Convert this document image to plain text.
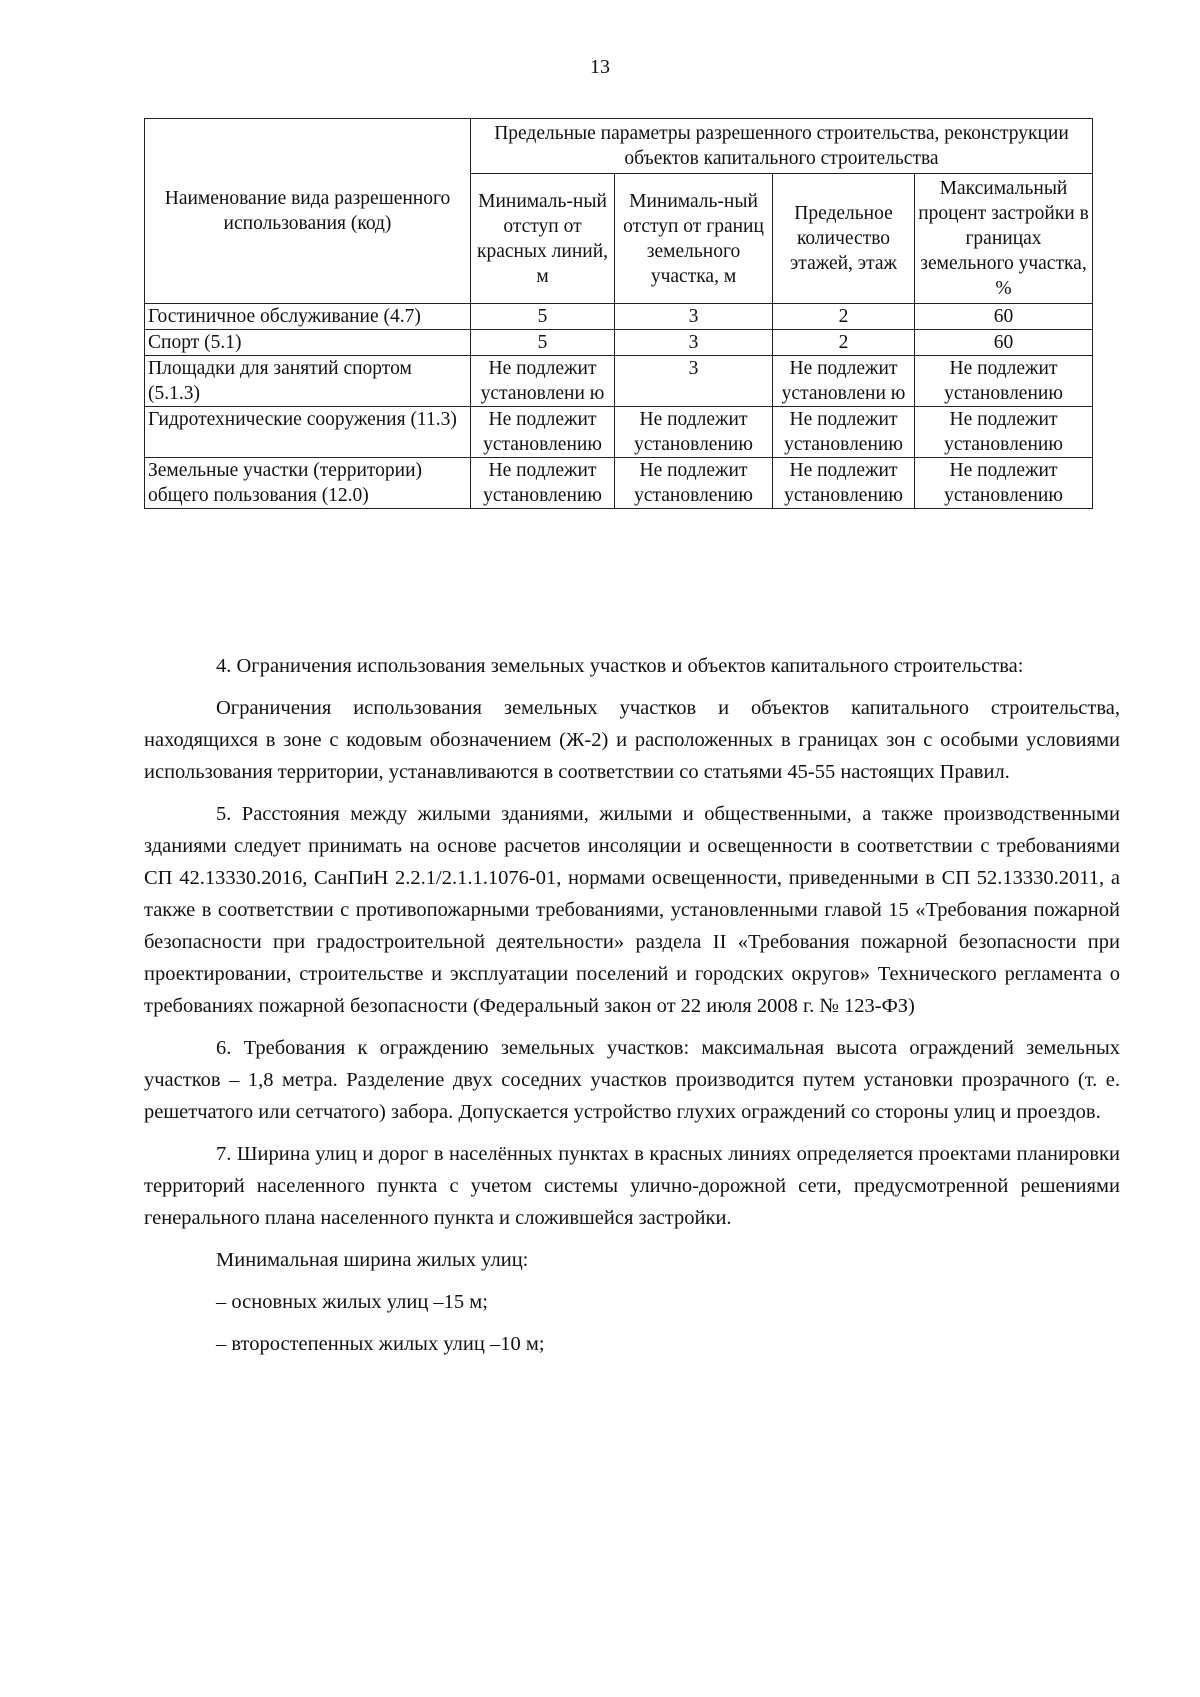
13
Наименование вида разрешенного использования (код)	Предельные параметры разрешенного строительства, реконструкции объектов капитального строительства			
	Минималь-ный отступ от красных линий, м	Минималь-ный отступ от границ земельного участка, м	Предельное количество этажей, этаж	Максимальный процент застройки в границах земельного участка, %
Гостиничное обслуживание (4.7)	5	3	2	60
Спорт (5.1)	5	3	2	60
Площадки для занятий спортом (5.1.3)	Не подлежит установлени ю	3	Не подлежит установлени ю	Не подлежит установлению
Гидротехнические сооружения (11.3)	Не подлежит установлению	Не подлежит установлению	Не подлежит установлению	Не подлежит установлению
Земельные участки (территории) общего пользования (12.0)	Не подлежит установлению	Не подлежит установлению	Не подлежит установлению	Не подлежит установлению

4. Ограничения использования земельных участков и объектов капитального строительства:

Ограничения использования земельных участков и объектов капитального строительства, находящихся в зоне с кодовым обозначением (Ж-2) и расположенных в границах зон с особыми условиями использования территории, устанавливаются в соответствии со статьями 45-55 настоящих Правил.

5. Расстояния между жилыми зданиями, жилыми и общественными, а также производственными зданиями следует принимать на основе расчетов инсоляции и освещенности в соответствии с требованиями СП 42.13330.2016, СанПиН 2.2.1/2.1.1.1076-01, нормами освещенности, приведенными в СП 52.13330.2011, а также в соответствии с противопожарными требованиями, установленными главой 15 «Требования пожарной безопасности при градостроительной деятельности» раздела II «Требования пожарной безопасности при проектировании, строительстве и эксплуатации поселений и городских округов» Технического регламента о требованиях пожарной безопасности (Федеральный закон от 22 июля 2008 г. № 123-ФЗ)

6. Требования к ограждению земельных участков: максимальная высота ограждений земельных участков – 1,8 метра. Разделение двух соседних участков производится путем установки прозрачного (т. е. решетчатого или сетчатого) забора. Допускается устройство глухих ограждений со стороны улиц и проездов.

7. Ширина улиц и дорог в населённых пунктах в красных линиях определяется проектами планировки территорий населенного пункта с учетом системы улично-дорожной сети, предусмотренной решениями генерального плана населенного пункта и сложившейся застройки.

Минимальная ширина жилых улиц:

– основных жилых улиц –15 м;

– второстепенных жилых улиц –10 м;
